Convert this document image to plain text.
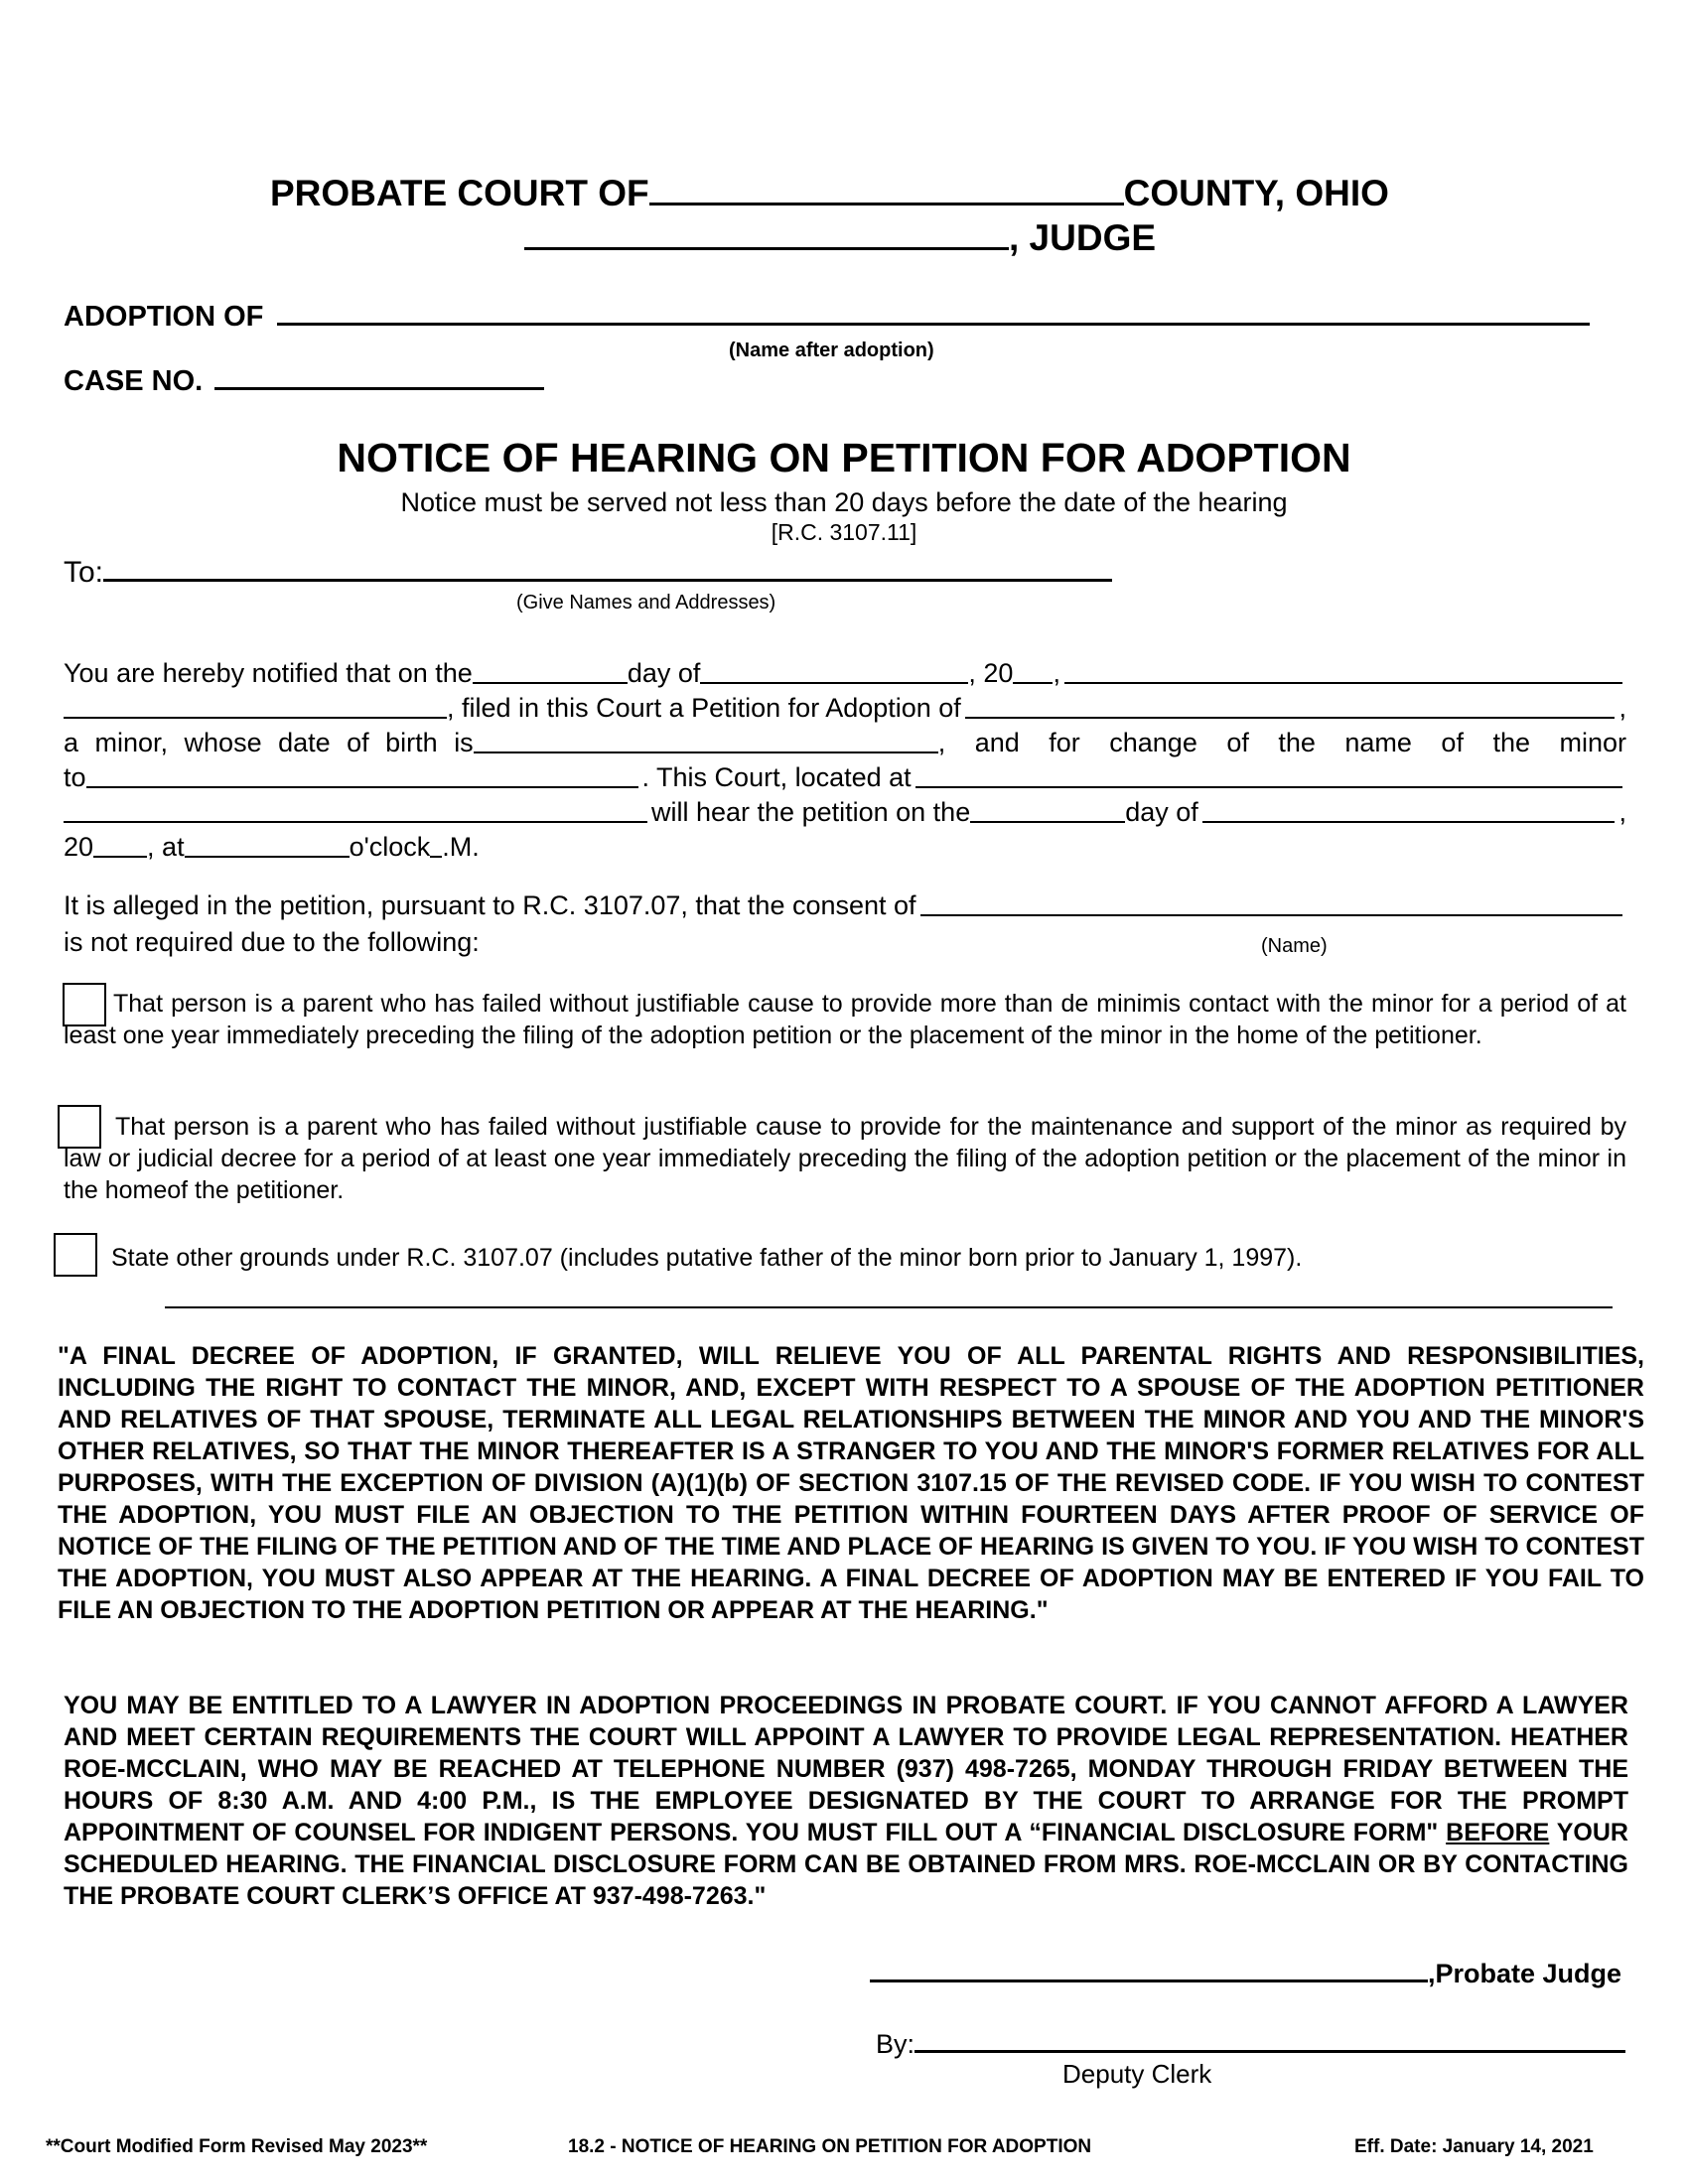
PROBATE COURT OF	COUNTY, OHIO
, JUDGE
ADOPTION OF
(Name after adoption)
CASE NO.
NOTICE OF HEARING ON PETITION FOR ADOPTION
Notice must be served not less than 20 days before the date of the hearing
[R.C. 3107.11]
To:
(Give Names and Addresses)
You are hereby notified that on the	day of	, 20 ,
, filed in this Court a Petition for Adoption of	,
a minor, whose date of birth is	, and for change of the name of the minor
to	. This Court, located at
will hear the petition on the	day of	,
20 , at	o'clock .M.
It is alleged in the petition, pursuant to R.C. 3107.07, that the consent of
is not required due to the following:	(Name)
That person is a parent who has failed without justifiable cause to provide more than de minimis contact with the minor for a period of at least one year immediately preceding the filing of the adoption petition or the placement of the minor in the home of the petitioner.
That person is a parent who has failed without justifiable cause to provide for the maintenance and support of the minor as required by law or judicial decree for a period of at least one year immediately preceding the filing of the adoption petition or the placement of the minor in the homeof the petitioner.
State other grounds under R.C. 3107.07 (includes putative father of the minor born prior to January 1, 1997).
"A FINAL DECREE OF ADOPTION, IF GRANTED, WILL RELIEVE YOU OF ALL PARENTAL RIGHTS AND RESPONSIBILITIES, INCLUDING THE RIGHT TO CONTACT THE MINOR, AND, EXCEPT WITH RESPECT TO A SPOUSE OF THE ADOPTION PETITIONER AND RELATIVES OF THAT SPOUSE, TERMINATE ALL LEGAL RELATIONSHIPS BETWEEN THE MINOR AND YOU AND THE MINOR'S OTHER RELATIVES, SO THAT THE MINOR THEREAFTER IS A STRANGER TO YOU AND THE MINOR'S FORMER RELATIVES FOR ALL PURPOSES, WITH THE EXCEPTION OF DIVISION (A)(1)(b) OF SECTION 3107.15 OF THE REVISED CODE. IF YOU WISH TO CONTEST THE ADOPTION, YOU MUST FILE AN OBJECTION TO THE PETITION WITHIN FOURTEEN DAYS AFTER PROOF OF SERVICE OF NOTICE OF THE FILING OF THE PETITION AND OF THE TIME AND PLACE OF HEARING IS GIVEN TO YOU. IF YOU WISH TO CONTEST THE ADOPTION, YOU MUST ALSO APPEAR AT THE HEARING. A FINAL DECREE OF ADOPTION MAY BE ENTERED IF YOU FAIL TO FILE AN OBJECTION TO THE ADOPTION PETITION OR APPEAR AT THE HEARING."
YOU MAY BE ENTITLED TO A LAWYER IN ADOPTION PROCEEDINGS IN PROBATE COURT. IF YOU CANNOT AFFORD A LAWYER AND MEET CERTAIN REQUIREMENTS THE COURT WILL APPOINT A LAWYER TO PROVIDE LEGAL REPRESENTATION. HEATHER ROE-MCCLAIN, WHO MAY BE REACHED AT TELEPHONE NUMBER (937) 498-7265, MONDAY THROUGH FRIDAY BETWEEN THE HOURS OF 8:30 A.M. AND 4:00 P.M., IS THE EMPLOYEE DESIGNATED BY THE COURT TO ARRANGE FOR THE PROMPT APPOINTMENT OF COUNSEL FOR INDIGENT PERSONS. YOU MUST FILL OUT A “FINANCIAL DISCLOSURE FORM" BEFORE YOUR SCHEDULED HEARING. THE FINANCIAL DISCLOSURE FORM CAN BE OBTAINED FROM MRS. ROE-MCCLAIN OR BY CONTACTING THE PROBATE COURT CLERK’S OFFICE AT 937-498-7263."
,Probate Judge
By:
Deputy Clerk
**Court Modified Form Revised May 2023**	18.2 - NOTICE OF HEARING ON PETITION FOR ADOPTION	Eff. Date: January 14, 2021
